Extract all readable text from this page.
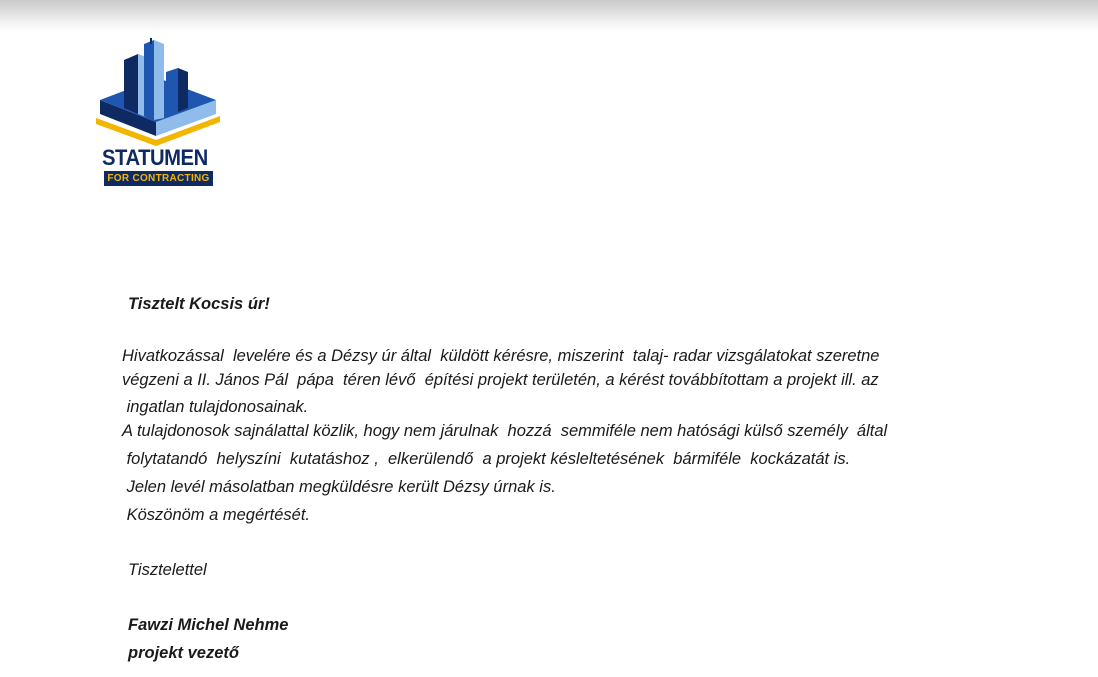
STATUMEN
FOR CONTRACTING
Tisztelt Kocsis úr!
Hivatkozással  levelére és a Dézsy úr által  küldött kérésre, miszerint  talaj- radar vizsgálatokat szeretne
végzeni a II. János Pál  pápa  téren lévő  építési projekt területén, a kérést továbbítottam a projekt ill. az
ingatlan tulajdonosainak.
A tulajdonosok sajnálattal közlik, hogy nem járulnak  hozzá  semmiféle nem hatósági külső személy  által
folytatandó  helyszíni  kutatáshoz ,  elkerülendő  a projekt késleltetésének  bármiféle  kockázatát is.
Jelen levél másolatban megküldésre került Dézsy úrnak is.
Köszönöm a megértését.
Tisztelettel
Fawzi Michel Nehme
projekt vezető
